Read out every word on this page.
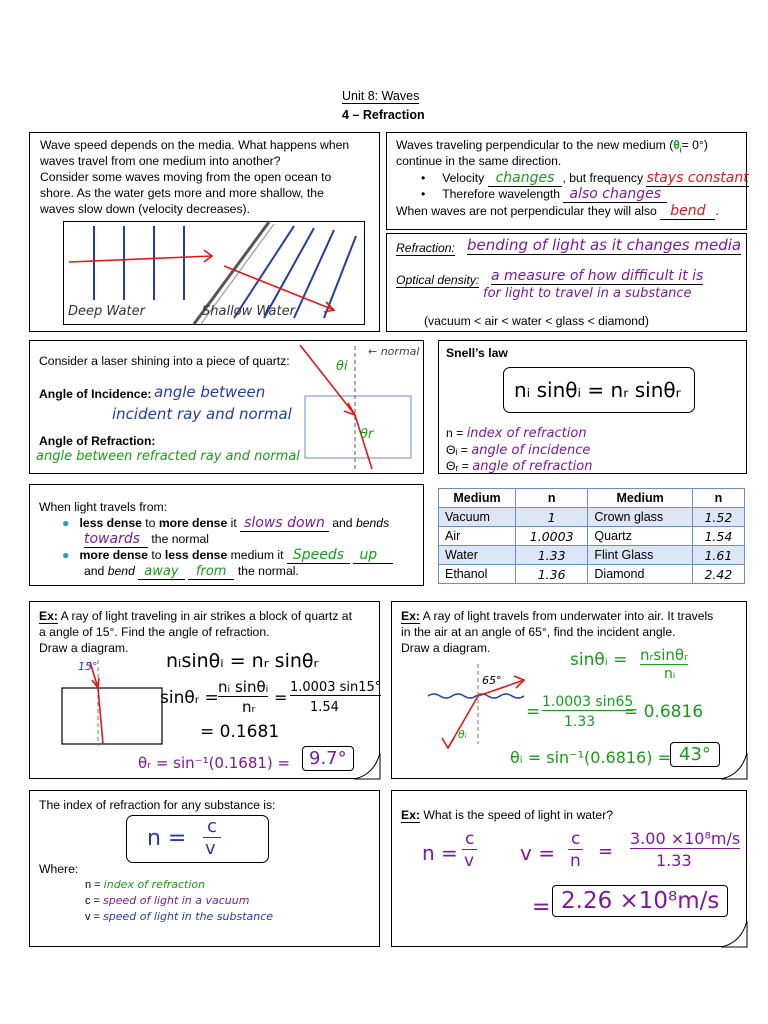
Unit 8: Waves
4 – Refraction
Wave speed depends on the media. What happens when
waves travel from one medium into another?
Consider some waves moving from the open ocean to
shore. As the water gets more and more shallow, the
waves slow down (velocity decreases).
Deep Water	Shallow Water
Waves traveling perpendicular to the new medium $(\theta_i= 0^\circ)$
continue in the same direction.
•     Velocity changes , but frequency stays constant
•     Therefore wavelength also changes
When waves are not perpendicular they will also bend .
Refraction: bending of light as it changes media
Optical density: a measure of how difficult it is
for light to travel in a substance
(vacuum < air < water < glass < diamond)
Consider a laser shining into a piece of quartz:
Angle of Incidence: angle between
incident ray and normal
Angle of Refraction:
angle between refracted ray and normal
θi
θr
← normal Snell’s law
nᵢ sinθᵢ = nᵣ sinθᵣ
n = index of refraction
Θᵢ = angle of incidence
Θᵣ = angle of refraction
When light travels from:
● less dense to more dense it slows down and bends
towards the normal
● more dense to less dense medium it Speeds up
and bend away from the normal.
Medium	n	Medium	n
Vacuum	1	Crown glass	1.52
Air	1.0003	Quartz	1.54
Water	1.33	Flint Glass	1.61
Ethanol	1.36	Diamond	2.42
Ex: A ray of light traveling in air strikes a block of quartz at
a angle of 15°. Find the angle of refraction.
Draw a diagram.
15°	nᵢsinθᵢ = nᵣ sinθᵣ
sinθᵣ =
nᵢ sinθᵢ
nᵣ =
1.0003 sin15°
1.54
= 0.1681
θᵣ = sin⁻¹(0.1681) =	9.7°
Ex: A ray of light travels from underwater into air. It travels
in the air at an angle of 65°, find the incident angle.
Draw a diagram.
65°
θᵢ
sinθᵢ = nᵣsinθᵣ
nᵢ
= 1.0003 sin65
1.33 = 0.6816
θᵢ = sin⁻¹(0.6816) = 43°
The index of refraction for any substance is:
n = c
v
Where:
n = index of refraction
c = speed of light in a vacuum
v = speed of light in the substance
Ex: What is the speed of light in water?
n =
c
v v =
c
n =
3.00 ×10⁸m/s
1.33
= 2.26 ×10⁸m/s
